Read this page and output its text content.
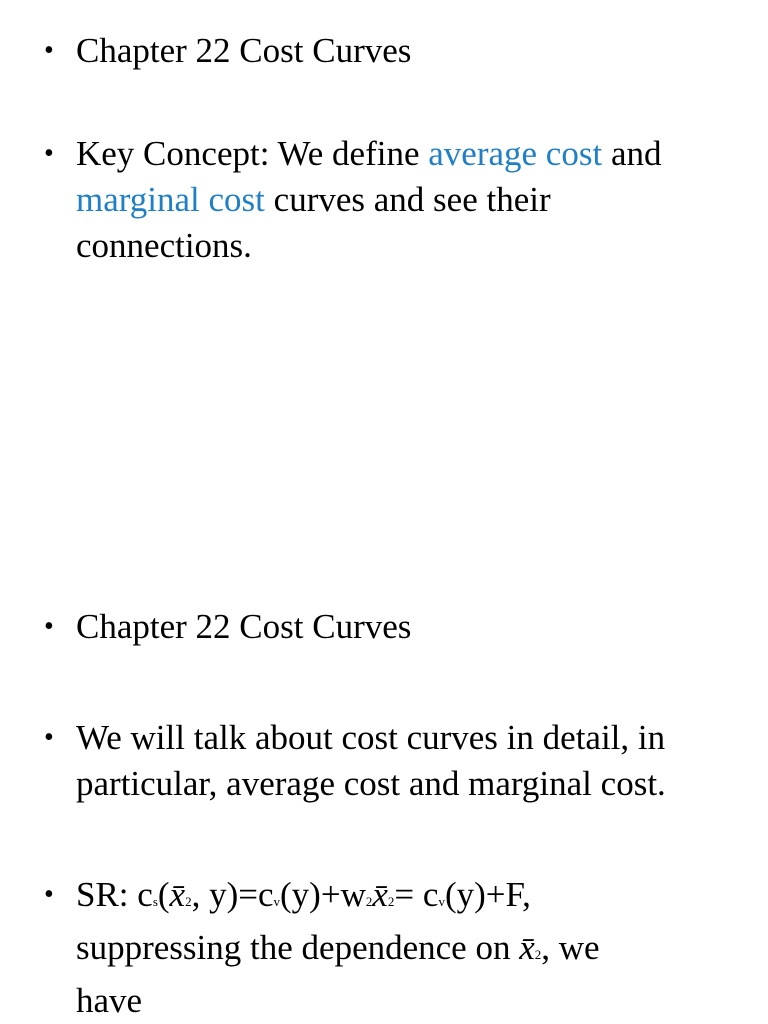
• Chapter 22 Cost Curves
• Key Concept: We define average cost and
marginal cost curves and see their
connections.
• Chapter 22 Cost Curves
• We will talk about cost curves in detail, in
particular, average cost and marginal cost.
• SR: cs(x̄2, y)=cv(y)+w2x̄2= cv(y)+F,
suppressing the dependence on x̄2, we
have
